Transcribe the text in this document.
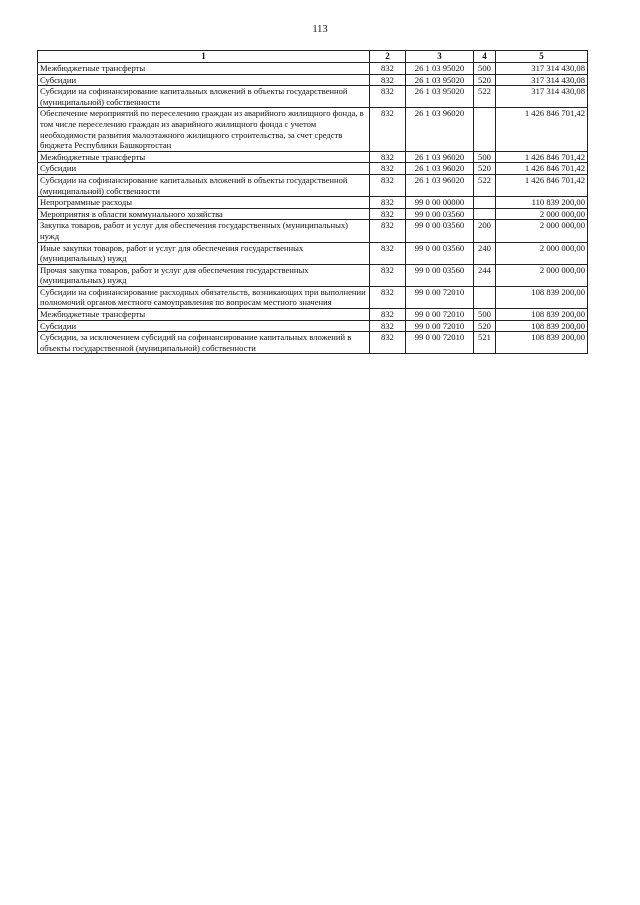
113
1	2	3	4	5
Межбюджетные трансферты	832	26 1 03 95020	500	317 314 430,08
Субсидии	832	26 1 03 95020	520	317 314 430,08
Субсидии на софинансирование капитальных вложений в объекты государственной (муниципальной) собственности	832	26 1 03 95020	522	317 314 430,08
Обеспечение мероприятий по переселению граждан из аварийного жилищного фонда, в том числе переселению граждан из аварийного жилищного фонда с учетом необходимости развития малоэтажного жилищного строительства, за счет средств бюджета Республики Башкортостан	832	26 1 03 96020		1 426 846 701,42
Межбюджетные трансферты	832	26 1 03 96020	500	1 426 846 701,42
Субсидии	832	26 1 03 96020	520	1 426 846 701,42
Субсидии на софинансирование капитальных вложений в объекты государственной (муниципальной) собственности	832	26 1 03 96020	522	1 426 846 701,42
Непрограммные расходы	832	99 0 00 00000		110 839 200,00
Мероприятия в области коммунального хозяйства	832	99 0 00 03560		2 000 000,00
Закупка товаров, работ и услуг для обеспечения государственных (муниципальных) нужд	832	99 0 00 03560	200	2 000 000,00
Иные закупки товаров, работ и услуг для обеспечения государственных (муниципальных) нужд	832	99 0 00 03560	240	2 000 000,00
Прочая закупка товаров, работ и услуг для обеспечения государственных (муниципальных) нужд	832	99 0 00 03560	244	2 000 000,00
Субсидии на софинансирование расходных обязательств, возникающих при выполнении полномочий органов местного самоуправления по вопросам местного значения	832	99 0 00 72010		108 839 200,00
Межбюджетные трансферты	832	99 0 00 72010	500	108 839 200,00
Субсидии	832	99 0 00 72010	520	108 839 200,00
Субсидии, за исключением субсидий на софинансирование капитальных вложений в объекты государственной (муниципальной) собственности	832	99 0 00 72010	521	108 839 200,00
